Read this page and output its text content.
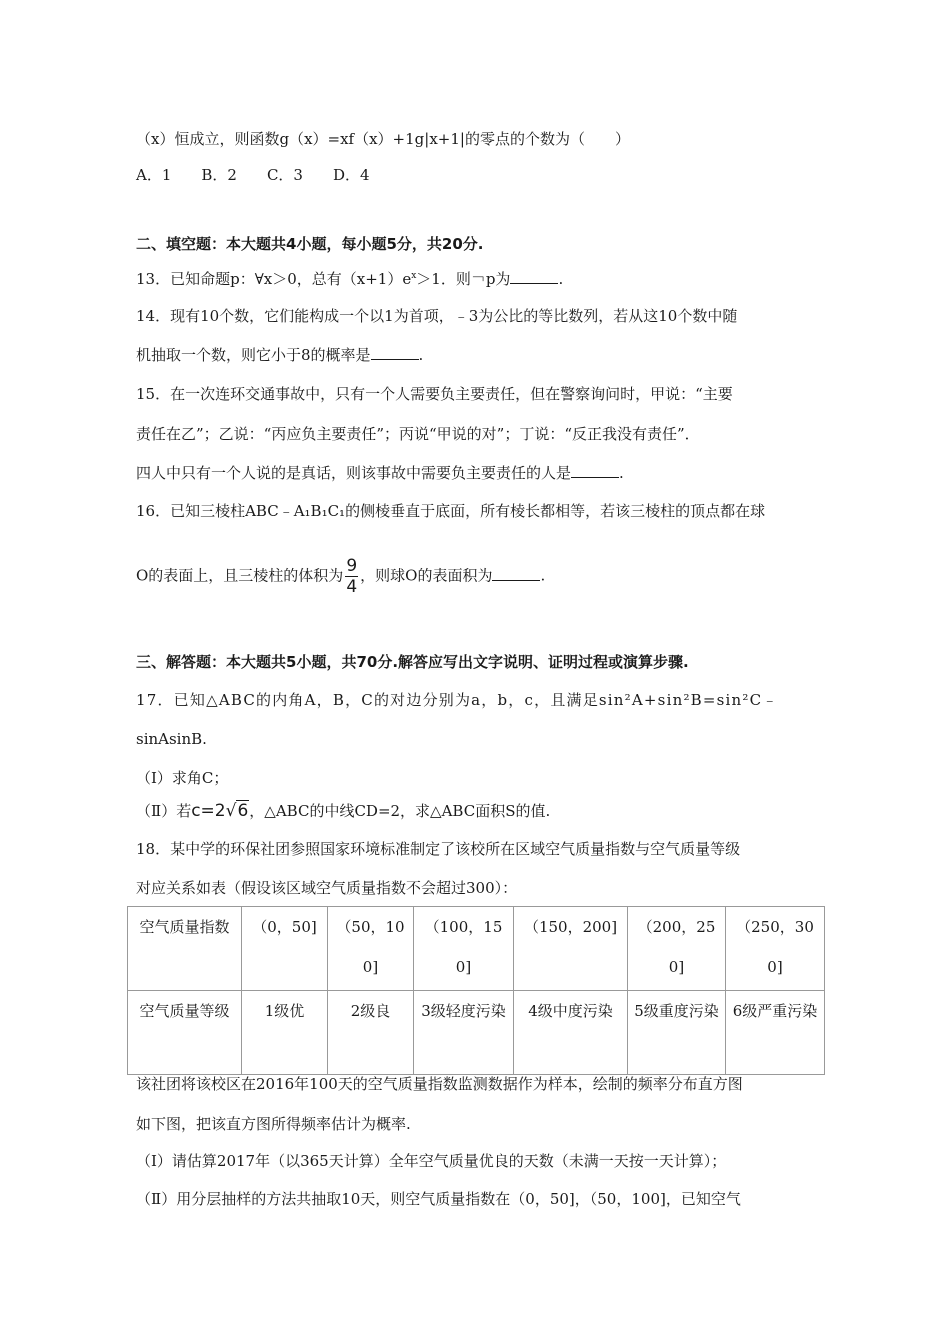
（x）恒成立，则函数g（x）=xf（x）+1g|x+1|的零点的个数为（　　）
A．1　　B．2　　C．3　　D．4
二、填空题：本大题共4小题，每小题5分，共20分.
13．已知命题p：∀x＞0，总有$(x+1)e^x>1$．则￢p为	.
14．现有10个数，它们能构成一个以1为首项，﹣3为公比的等比数列，若从这10个数中随
机抽取一个数，则它小于8的概率是	.
15．在一次连环交通事故中，只有一个人需要负主要责任，但在警察询问时，甲说：“主要
责任在乙”；乙说：“丙应负主要责任”；丙说“甲说的对”；丁说：“反正我没有责任”．
四人中只有一个人说的是真话，则该事故中需要负主要责任的人是	.
16．已知三棱柱ABC﹣A₁B₁C₁的侧棱垂直于底面，所有棱长都相等，若该三棱柱的顶点都在球
O的表面上，且三棱柱的体积为 $\frac{9}{4}$ ，则球O的表面积为	.
三、解答题：本大题共5小题，共70分.解答应写出文字说明、证明过程或演算步骤.
17．已知△ABC的内角A，B，C的对边分别为a，b，c，且满足sin²A+sin²B=sin²C﹣
sinAsinB.
（Ⅰ）求角C；
（Ⅱ）若c=2√6，△ABC的中线CD=2，求△ABC面积S的值.
18．某中学的环保社团参照国家环境标准制定了该校所在区域空气质量指数与空气质量等级
对应关系如表（假设该区域空气质量指数不会超过300）：
空气质量指数	（0，50]	（50，100]	（100，150]	（150，200]	（200，250]	（250，300]
空气质量等级	1级优	2级良	3级轻度污染	4级中度污染	5级重度污染	6级严重污染
该社团将该校区在2016年100天的空气质量指数监测数据作为样本，绘制的频率分布直方图
如下图，把该直方图所得频率估计为概率.
（Ⅰ）请估算2017年（以365天计算）全年空气质量优良的天数（未满一天按一天计算）；
（Ⅱ）用分层抽样的方法共抽取10天，则空气质量指数在（0，50]，（50，100]，已知空气
